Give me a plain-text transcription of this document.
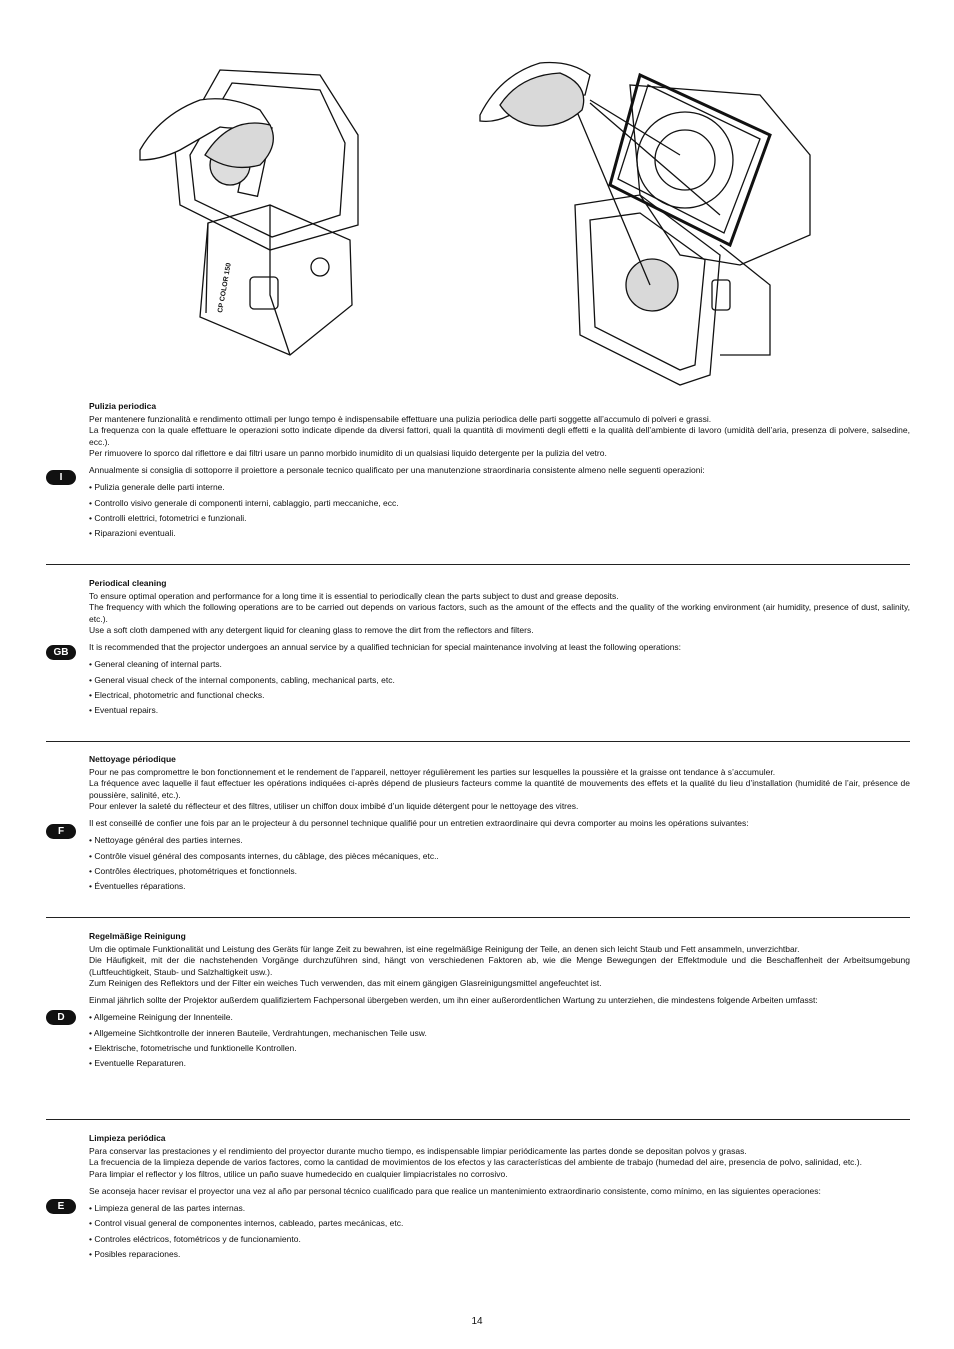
CP COLOR 150
I
Pulizia periodica

Per mantenere funzionalità e rendimento ottimali per lungo tempo è indispensabile effettuare una pulizia periodica delle parti soggette all’accumulo di polveri e grassi.

La frequenza con la quale effettuare le operazioni sotto indicate dipende da diversi fattori, quali la quantità di movimenti degli effetti e la qualità dell’ambiente di lavoro (umidità dell’aria, presenza di polvere, salsedine, ecc.).

Per rimuovere lo sporco dal riflettore e dai filtri usare un panno morbido inumidito di un qualsiasi liquido detergente per la pulizia del vetro.

Annualmente si consiglia di sottoporre il proiettore a personale tecnico qualificato per una manutenzione straordinaria consistente almeno nelle seguenti operazioni:

• Pulizia generale delle parti interne.
• Controllo visivo generale di componenti interni, cablaggio, parti meccaniche, ecc.
• Controlli elettrici, fotometrici e funzionali.
• Riparazioni eventuali.
GB
Periodical cleaning

To ensure optimal operation and performance for a long time it is essential to periodically clean the parts subject to dust and grease deposits.

The frequency with which the following operations are to be carried out depends on various factors, such as the amount of the effects and the quality of the working environment (air humidity, presence of dust, salinity, etc.).

Use a soft cloth dampened with any detergent liquid for cleaning glass to remove the dirt from the reflectors and filters.

It is recommended that the projector undergoes an annual service by a qualified technician for special maintenance involving at least the following operations:

• General cleaning of internal parts.
• General visual check of the internal components, cabling, mechanical parts, etc.
• Electrical, photometric and functional checks.
• Eventual repairs.
F
Nettoyage périodique

Pour ne pas compromettre le bon fonctionnement et le rendement de l’appareil, nettoyer régulièrement les parties sur lesquelles la poussière et la graisse ont tendance à s’accumuler.

La fréquence avec laquelle il faut effectuer les opérations indiquées ci-après dépend de plusieurs facteurs comme la quantité de mouvements des effets et la qualité du lieu d’installation (humidité de l’air, présence de poussière, salinité, etc.).

Pour enlever la saleté du réflecteur et des filtres, utiliser un chiffon doux imbibé d’un liquide détergent pour le nettoyage des vitres.

Il est conseillé de confier une fois par an le projecteur à du personnel technique qualifié pour un entretien extraordinaire qui devra comporter au moins les opérations suivantes:

• Nettoyage général des parties internes.
• Contrôle visuel général des composants internes, du câblage, des pièces mécaniques, etc..
• Contrôles électriques, photométriques et fonctionnels.
• Éventuelles réparations.
D
Regelmäßige Reinigung

Um die optimale Funktionalität und Leistung des Geräts für lange Zeit zu bewahren, ist eine regelmäßige Reinigung der Teile, an denen sich leicht Staub und Fett ansammeln, unverzichtbar.

Die Häufigkeit, mit der die nachstehenden Vorgänge durchzuführen sind, hängt von verschiedenen Faktoren ab, wie die Menge Bewegungen der Effektmodule und die Beschaffenheit der Arbeitsumgebung (Luftfeuchtigkeit, Staub- und Salzhaltigkeit usw.).

Zum Reinigen des Reflektors und der Filter ein weiches Tuch verwenden, das mit einem gängigen Glasreinigungsmittel angefeuchtet ist.

Einmal jährlich sollte der Projektor außerdem qualifiziertem Fachpersonal übergeben werden, um ihn einer außerordentlichen Wartung zu unterziehen, die mindestens folgende Arbeiten umfasst:

• Allgemeine Reinigung der Innenteile.
• Allgemeine Sichtkontrolle der inneren Bauteile, Verdrahtungen, mechanischen Teile usw.
• Elektrische, fotometrische und funktionelle Kontrollen.
• Eventuelle Reparaturen.
E
Limpieza periódica

Para conservar las prestaciones y el rendimiento del proyector durante mucho tiempo, es indispensable limpiar periódicamente las partes donde se depositan polvos y grasas.

La frecuencia de la limpieza depende de varios factores, como la cantidad de movimientos de los efectos y las características del ambiente de trabajo (humedad del aire, presencia de polvo, salinidad, etc.).

Para limpiar el reflector y los filtros, utilice un paño suave humedecido en cualquier limpiacristales no corrosivo.

Se aconseja hacer revisar el proyector una vez al año par personal técnico cualificado para que realice un mantenimiento extraordinario consistente, como mínimo, en las siguientes operaciones:

• Limpieza general de las partes internas.
• Control visual general de componentes internos, cableado, partes mecánicas, etc.
• Controles eléctricos, fotométricos y de funcionamiento.
• Posibles reparaciones.
14
